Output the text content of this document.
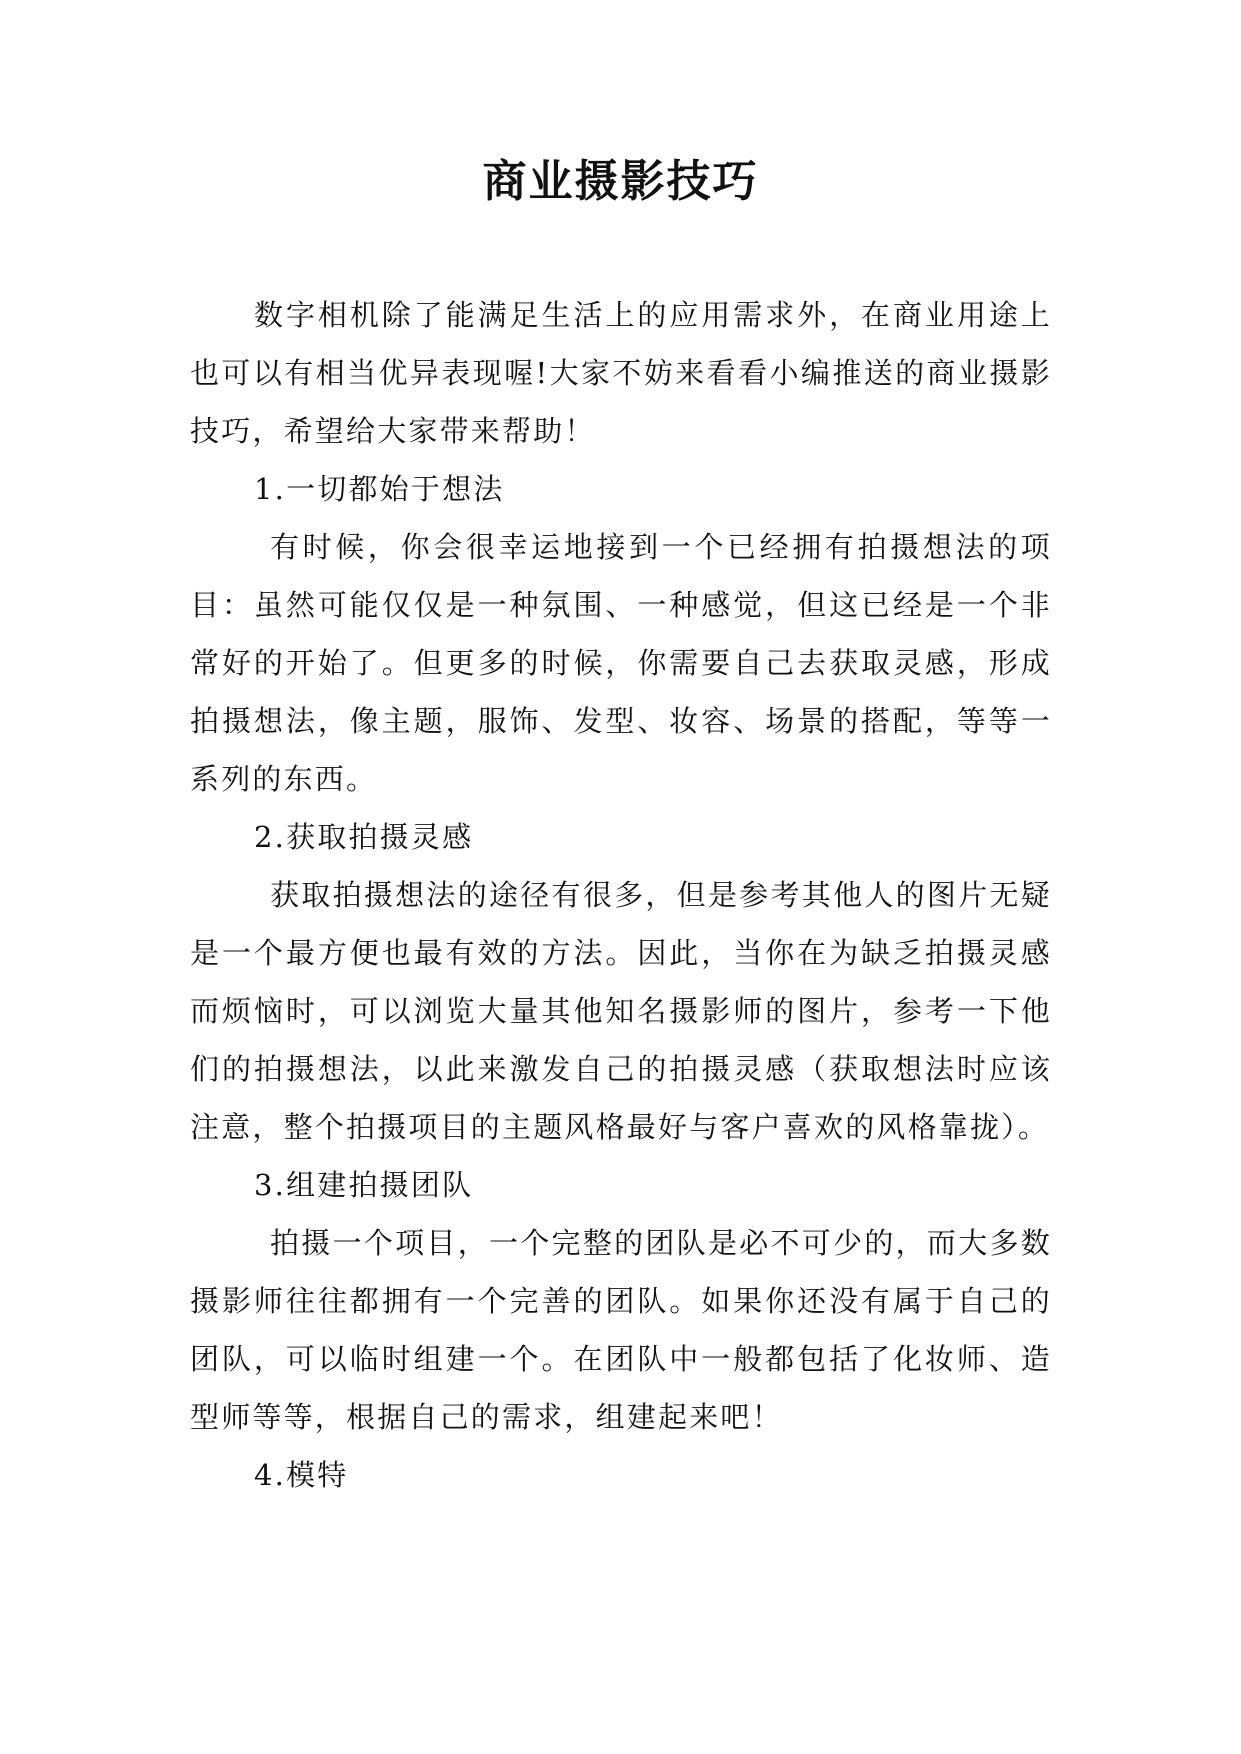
商业摄影技巧

数字相机除了能满足生活上的应用需求外，在商业用途上也可以有相当优异表现喔!大家不妨来看看小编推送的商业摄影技巧，希望给大家带来帮助！

1.一切都始于想法

有时候，你会很幸运地接到一个已经拥有拍摄想法的项目：虽然可能仅仅是一种氛围、一种感觉，但这已经是一个非常好的开始了。但更多的时候，你需要自己去获取灵感，形成拍摄想法，像主题，服饰、发型、妆容、场景的搭配，等等一系列的东西。

2.获取拍摄灵感

获取拍摄想法的途径有很多，但是参考其他人的图片无疑是一个最方便也最有效的方法。因此，当你在为缺乏拍摄灵感而烦恼时，可以浏览大量其他知名摄影师的图片，参考一下他们的拍摄想法，以此来激发自己的拍摄灵感（获取想法时应该注意，整个拍摄项目的主题风格最好与客户喜欢的风格靠拢）。

3.组建拍摄团队

拍摄一个项目，一个完整的团队是必不可少的，而大多数摄影师往往都拥有一个完善的团队。如果你还没有属于自己的团队，可以临时组建一个。在团队中一般都包括了化妆师、造型师等等，根据自己的需求，组建起来吧！

4.模特
